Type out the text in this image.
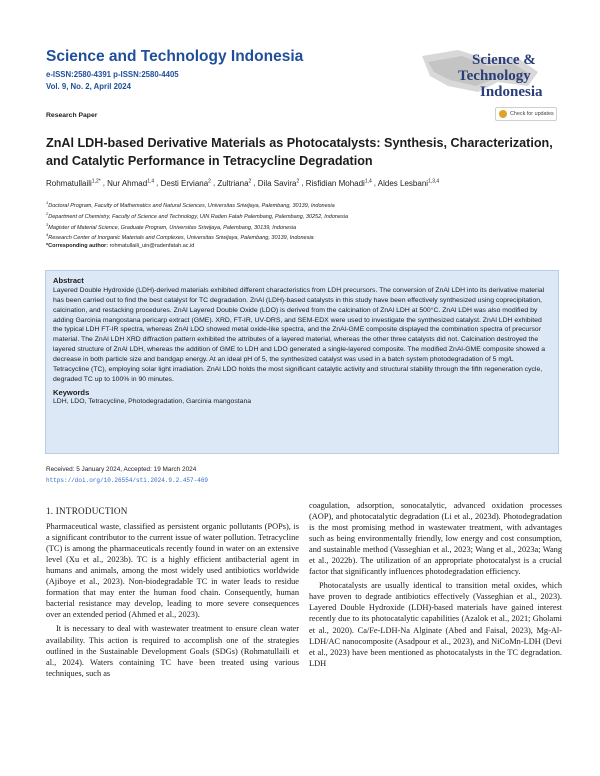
Science and Technology Indonesia
e-ISSN:2580-4391 p-ISSN:2580-4405
Vol. 9, No. 2, April 2024
Science &
Technology
Indonesia
Research Paper	Check for updates
ZnAl LDH-based Derivative Materials as Photocatalysts: Synthesis, Characterization, and Catalytic Performance in Tetracycline Degradation
Rohmatullaili$^{1,2*}$ , Nur Ahmad$^{1,4}$ , Desti Erviana$^2$ , Zultriana$^2$ , Dila Savira$^2$ , Risfidian Mohadi$^{1,4}$ , Aldes Lesbani$^{1,3,4}$
$^1$Doctoral Program, Faculty of Mathematics and Natural Sciences, Universitas Sriwijaya, Palembang, 30139, Indonesia
$^2$Department of Chemistry, Faculty of Science and Technology, UIN Raden Fatah Palembang, Palembang, 30252, Indonesia
$^3$Magister of Material Science, Graduate Program, Universitas Sriwijaya, Palembang, 30139, Indonesia
$^4$Research Center of Inorganic Materials and Complexes, Universitas Sriwijaya, Palembang, 30139, Indonesia
*Corresponding author: rohmatullaili_uin@radenfatah.ac.id
Abstract

Layered Double Hydroxide (LDH)-derived materials exhibited different characteristics from LDH precursors. The conversion of ZnAl LDH into its derivative material has been carried out to find the best catalyst for TC degradation. ZnAl (LDH)-based catalysts in this study have been effectively synthesized using coprecipitation, calcination, and restacking procedures. ZnAl Layered Double Oxide (LDO) is derived from the calcination of ZnAl LDH at 500°C. ZnAl LDH was also modified by adding Garcinia mangostana pericarp extract (GME). XRD, FT-IR, UV-DRS, and SEM-EDX were used to investigate the synthesized catalyst. ZnAl LDH exhibited the typical LDH FT-IR spectra, whereas ZnAl LDO showed metal oxide-like spectra, and the ZnAl-GME composite displayed the combination spectra of precursor material. The ZnAl LDH XRD diffraction pattern exhibited the attributes of a layered material, whereas the other three catalysts did not. Calcination destroyed the layered structure of ZnAl LDH, whereas the addition of GME to LDH and LDO generated a single-layered composite. The modified ZnAl-GME composite showed a decrease in both particle size and bandgap energy. At an ideal pH of 5, the synthesized catalyst was used in a batch system photodegradation of 5 mg/L Tetracycline (TC), employing solar light irradiation. ZnAl LDO holds the most significant catalytic activity and structural stability through the fifth regeneration cycle, degraded TC up to 100% in 90 minutes.

Keywords

LDH, LDO, Tetracycline, Photodegradation, Garcinia mangostana

Received: 5 January 2024, Accepted: 19 March 2024
https://doi.org/10.26554/sti.2024.9.2.457-469
1. INTRODUCTION

Pharmaceutical waste, classified as persistent organic pollutants (POPs), is a significant contributor to the current issue of water pollution. Tetracycline (TC) is among the pharmaceuticals recently found in water on an extensive level (Xu et al., 2023b). TC is a highly efficient antibacterial agent in humans and animals, among the most widely used antibiotics worldwide (Ajiboye et al., 2023). Non-biodegradable TC in water leads to residue formation that may enter the human food chain. Consequently, human bacterial resistance may develop, leading to more severe consequences over an extended period (Ahmed et al., 2023).

It is necessary to deal with wastewater treatment to ensure clean water availability. This action is required to accomplish one of the strategies outlined in the Sustainable Development Goals (SDGs) (Rohmatullaili et al., 2024). Waters containing TC have been treated using various techniques, such as

coagulation, adsorption, sonocatalytic, advanced oxidation processes (AOP), and photocatalytic degradation (Li et al., 2023d). Photodegradation is the most promising method in wastewater treatment, with advantages such as being environmentally friendly, low energy and cost consumption, and sustainable method (Vasseghian et al., 2023; Wang et al., 2023a; Wang et al., 2022b). The utilization of an appropriate photocatalyst is a crucial factor that significantly influences photodegradation efficiency.

Photocatalysts are usually identical to transition metal oxides, which have proven to degrade antibiotics effectively (Vasseghian et al., 2023). Layered Double Hydroxide (LDH)-based materials have gained interest recently due to its photocatalytic capabilities (Azalok et al., 2021; Gholami et al., 2020). Ca/Fe-LDH-Na Alginate (Abed and Faisal, 2023), Mg-Al-LDH/AC nanocomposite (Asadpour et al., 2023), and NiCoMn-LDH (Devi et al., 2023) have been mentioned as photocatalysts in the TC degradation. LDH
